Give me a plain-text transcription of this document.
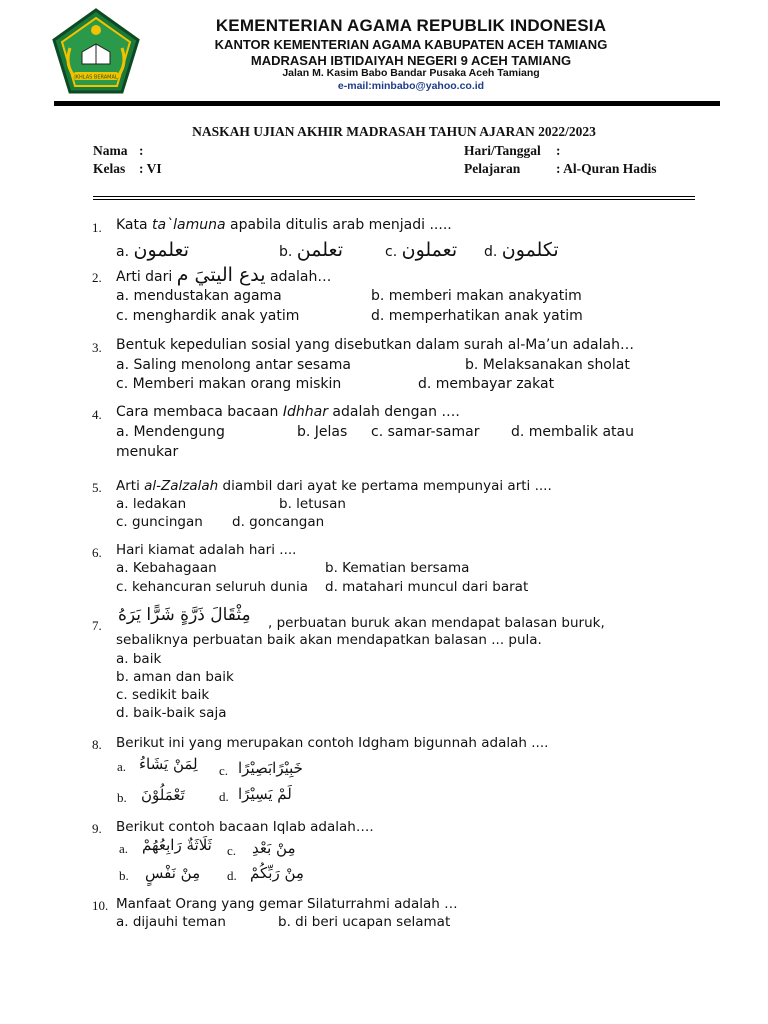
IKHLAS BERAMAL
KEMENTERIAN AGAMA REPUBLIK INDONESIA
KANTOR KEMENTERIAN AGAMA KABUPATEN ACEH TAMIANG
MADRASAH IBTIDAIYAH NEGERI 9 ACEH TAMIANG
Jalan M. Kasim Babo Bandar Pusaka Aceh Tamiang
e-mail:minbabo@yahoo.co.id
NASKAH UJIAN AKHIR MADRASAH TAHUN AJARAN 2022/2023
Nama :
Kelas : VI
Hari/Tanggal :
Pelajaran	: Al-Quran Hadis
1. Kata ta`lamuna apabila ditulis arab menjadi .....
a. تعلمون	b. تعلمن	c. تعملون d. تكلمون
2. Arti dari يدع اليتيَ م adalah…
a. mendustakan agama	b. memberi makan anakyatim
c. menghardik anak yatim	d. memperhatikan anak yatim
3. Bentuk kepedulian sosial yang disebutkan dalam surah al-Ma’un adalah…
a. Saling menolong antar sesama	b. Melaksanakan sholat
c. Memberi makan orang miskin	d. membayar zakat
4. Cara membaca bacaan Idhhar adalah dengan ….
a. Mendengung	b. Jelas c. samar-samar d. membalik atau
menukar
5. Arti al-Zalzalah diambil dari ayat ke pertama mempunyai arti ....
a. ledakan	b. letusan
c. guncingan d. goncangan
6. Hari kiamat adalah hari ....
a. Kebahagaan	b. Kematian bersama
c. kehancuran seluruh dunia d. matahari muncul dari barat
7.
مِثْقَالَ ذَرَّةٍ شَرًّا يَرَهُ , perbuatan buruk akan mendapat balasan buruk,
sebaliknya perbuatan baik akan mendapatkan balasan ... pula.
a. baik
b. aman dan baik
c. sedikit baik
d. baik-baik saja
8. Berikut ini yang merupakan contoh Idgham bigunnah adalah ....
a. لِمَنْ يَشَاءُ c. خَبِيْرًابَصِيْرًا
b. تَعْمَلُوْنَ	d. لَمْ يَسِيْرًا
9. Berikut contoh bacaan Iqlab adalah….
a. ثَلَاثَةٌ رَابِعُهُمْ c. مِنْ بَعْدِ
b. مِنْ نَفْسٍ d. مِنْ رَبِّكُمْ
10. Manfaat Orang yang gemar Silaturrahmi adalah …
a. dijauhi teman	b. di beri ucapan selamat
